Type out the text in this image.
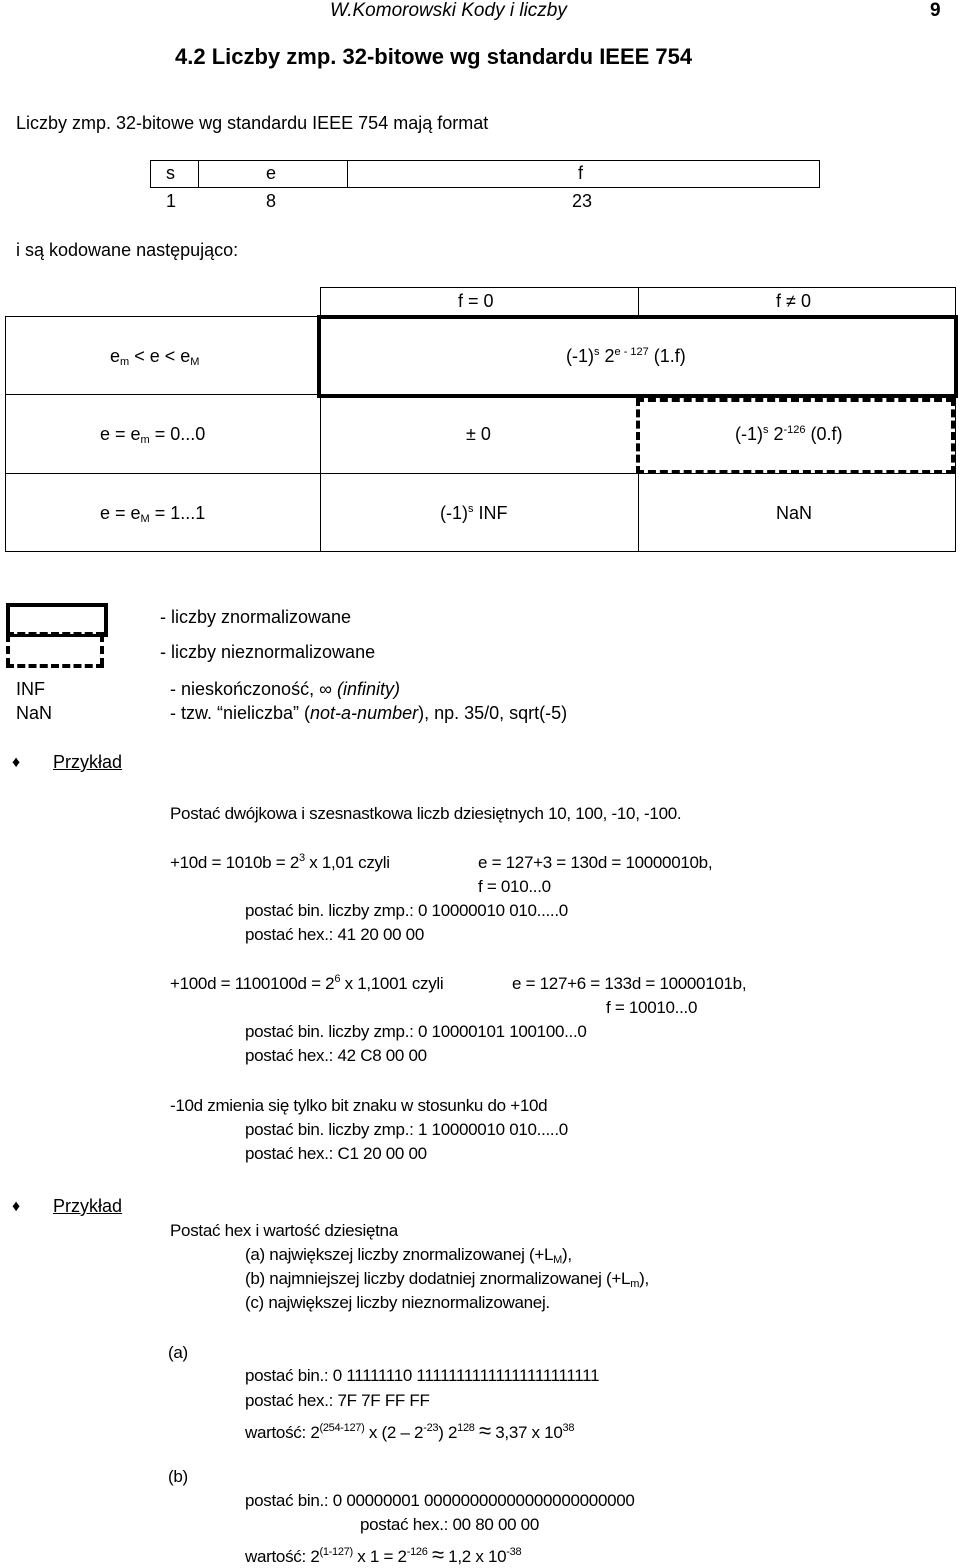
W.Komorowski Kody i liczby	9
4.2 Liczby zmp. 32-bitowe wg standardu IEEE 754
Liczby zmp. 32-bitowe wg standardu IEEE 754 mają format
s	e	f
1	8	23
i są kodowane następująco:
f = 0	f ≠ 0
$e_m < e < e_M$	$(-1)^s$ 2$^{e - 127}$ (1.f)
$e = e_m = 0...0$	± 0	$(-1)^s$ $2^{-126}$ (0.f)
$e = e_M = 1...1$	$(-1)^s$ INF	NaN
- liczby znormalizowane
- liczby nieznormalizowane
INF	- nieskończoność, ∞ (infinity)
NaN	- tzw. “nieliczba” (not-a-number), np. 35/0, sqrt(-5)
♦ Przykład
Postać dwójkowa i szesnastkowa liczb dziesiętnych 10, 100, -10, -100.
$+10d = 1010b = 2^3$ x 1,01 czyli	e = 127+3 = 130d = 10000010b,
f = 010...0
postać bin. liczby zmp.: 0 10000010 010.....0
postać hex.: 41 20 00 00
$+100d = 1100100d = 2^6$ x 1,1001 czyli	e = 127+6 = 133d = 10000101b,
f = 10010...0
postać bin. liczby zmp.: 0 10000101 100100...0
postać hex.: 42 C8 00 00
-10d zmienia się tylko bit znaku w stosunku do +10d
postać bin. liczby zmp.: 1 10000010 010.....0
postać hex.: C1 20 00 00
♦ Przykład
Postać hex i wartość dziesiętna
(a) największej liczby znormalizowanej $(+L_M)$,
(b) najmniejszej liczby dodatniej znormalizowanej $(+L_m)$,
(c) największej liczby nieznormalizowanej.
(a)
postać bin.: 0 11111110 11111111111111111111111
postać hex.: 7F 7F FF FF
wartość: 2$^{(254-127)}$ x $(2 - 2^{-23})$ $2^{128} \approx 3,37$ x $10^{38}$
(b)
postać bin.: 0 00000001 00000000000000000000000
postać hex.: 00 80 00 00
wartość: 2$^{(1-127)}$ x $1 = 2^{-126} \approx 1,2$ x $10^{-38}$
